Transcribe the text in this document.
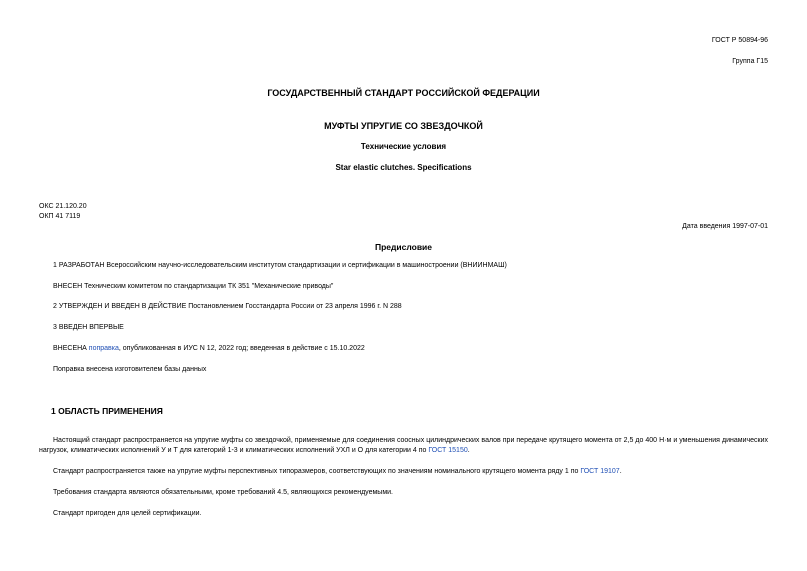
ГОСТ Р 50894-96
Группа Г15
ГОСУДАРСТВЕННЫЙ СТАНДАРТ РОССИЙСКОЙ ФЕДЕРАЦИИ
МУФТЫ УПРУГИЕ СО ЗВЕЗДОЧКОЙ
Технические условия
Star elastic clutches. Specifications
ОКС 21.120.20
ОКП 41 7119
Дата введения 1997-07-01
Предисловие
1 РАЗРАБОТАН Всероссийским научно-исследовательским институтом стандартизации и сертификации в машиностроении (ВНИИНМАШ)
ВНЕСЕН Техническим комитетом по стандартизации ТК 351 "Механические приводы"
2 УТВЕРЖДЕН И ВВЕДЕН В ДЕЙСТВИЕ Постановлением Госстандарта России от 23 апреля 1996 г. N 288
3 ВВЕДЕН ВПЕРВЫЕ
ВНЕСЕНА поправка, опубликованная в ИУС N 12, 2022 год; введенная в действие с 15.10.2022
Поправка внесена изготовителем базы данных
1 ОБЛАСТЬ ПРИМЕНЕНИЯ
Настоящий стандарт распространяется на упругие муфты со звездочкой, применяемые для соединения соосных цилиндрических валов при передаче крутящего момента от 2,5 до 400 Н·м и уменьшения динамических нагрузок, климатических исполнений У и Т для категорий 1-3 и климатических исполнений УХЛ и О для категории 4 по ГОСТ 15150.
Стандарт распространяется также на упругие муфты перспективных типоразмеров, соответствующих по значениям номинального крутящего момента ряду 1 по ГОСТ 19107.
Требования стандарта являются обязательными, кроме требований 4.5, являющихся рекомендуемыми.
Стандарт пригоден для целей сертификации.
